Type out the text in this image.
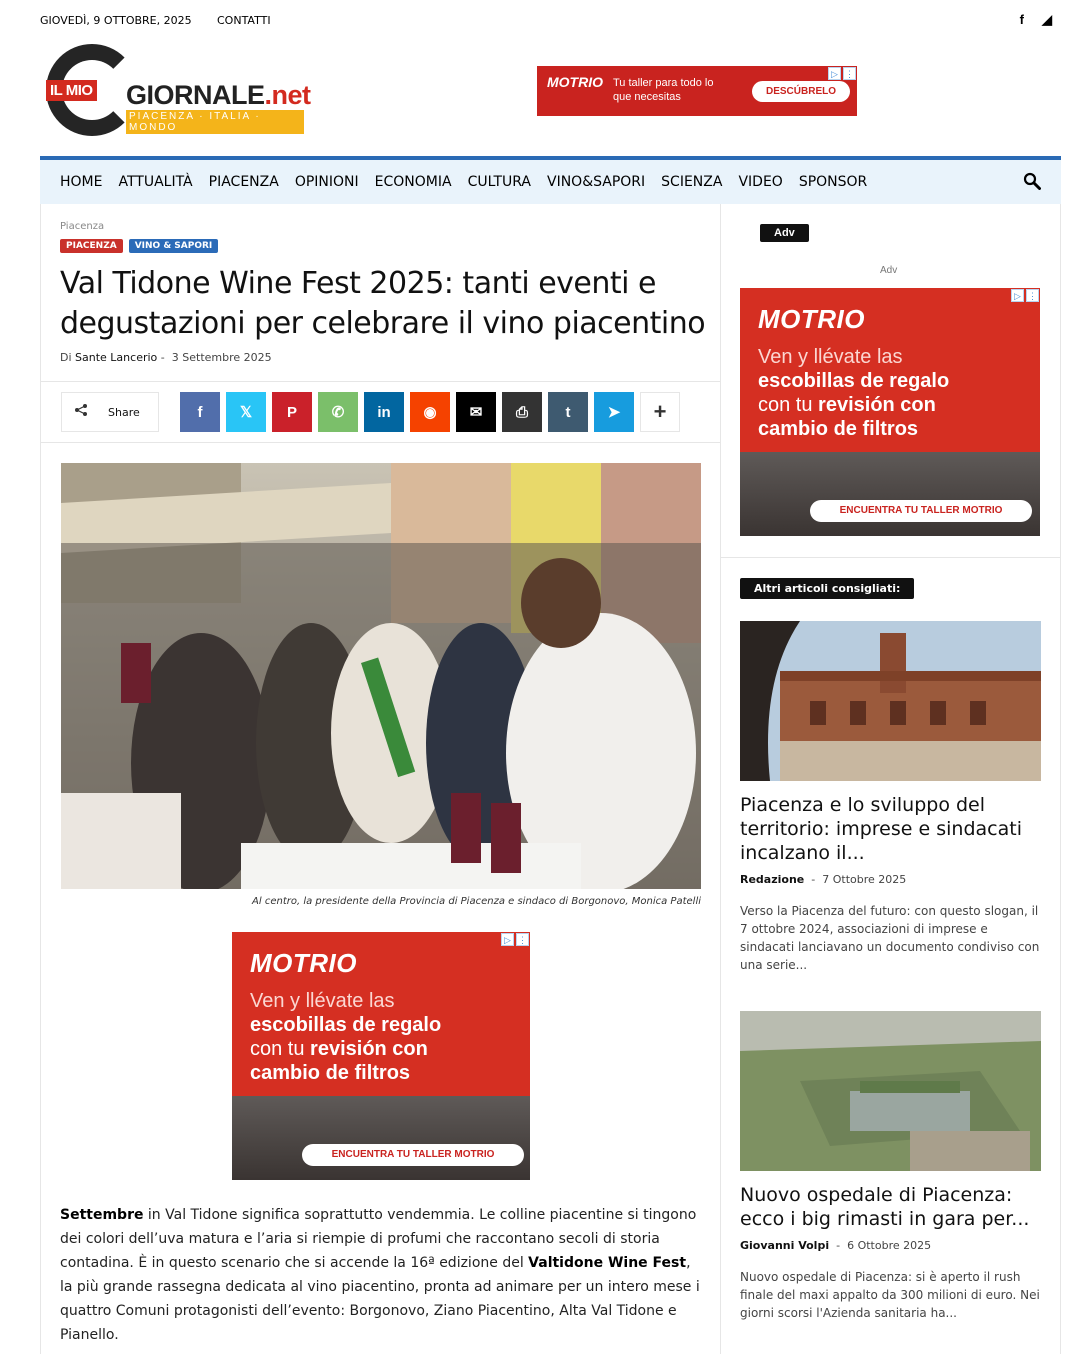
GIOVEDÌ, 9 OTTOBRE, 2025 CONTATTI	f ◢
IL MIO GIORNALE.net
PIACENZA · ITALIA · MONDO
MOTRIO Tu taller para todo lo que necesitas	DESCÚBRELO
▷ ⋮
HOME ATTUALITÀ PIACENZA OPINIONI ECONOMIA CULTURA VINO&SAPORI SCIENZA VIDEO SPONSOR
Piacenza
PIACENZA	VINO & SAPORI
Val Tidone Wine Fest 2025: tanti eventi e degustazioni per celebrare il vino piacentino
Di Sante Lancerio - 3 Settembre 2025
Share	f	𝕏	P	✆	in	◉	✉	⎙	t	➤	+
Al centro, la presidente della Provincia di Piacenza e sindaco di Borgonovo, Monica Patelli
MOTRIO
Ven y llévate las
escobillas de regalo
con tu revisión con
cambio de filtros
ENCUENTRA TU TALLER MOTRIO
▷ ⋮

Settembre in Val Tidone significa soprattutto vendemmia. Le colline piacentine si tingono dei colori dell’uva matura e l’aria si riempie di profumi che raccontano secoli di storia contadina. È in questo scenario che si accende la 16ª edizione del Valtidone Wine Fest, la più grande rassegna dedicata al vino piacentino, pronta ad animare per un intero mese i quattro Comuni protagonisti dell’evento: Borgonovo, Ziano Piacentino, Alta Val Tidone e Pianello.

Adv
Adv
MOTRIO
Ven y llévate las
escobillas de regalo
con tu revisión con
cambio de filtros
ENCUENTRA TU TALLER MOTRIO
▷ ⋮
Altri articoli consigliati:
Piacenza e lo sviluppo del territorio: imprese e sindacati incalzano il...
Redazione - 7 Ottobre 2025
Verso la Piacenza del futuro: con questo slogan, il 7 ottobre 2024, associazioni di imprese e sindacati lanciavano un documento condiviso con una serie...
Nuovo ospedale di Piacenza: ecco i big rimasti in gara per...
Giovanni Volpi - 6 Ottobre 2025
Nuovo ospedale di Piacenza: si è aperto il rush finale del maxi appalto da 300 milioni di euro. Nei giorni scorsi l'Azienda sanitaria ha...
